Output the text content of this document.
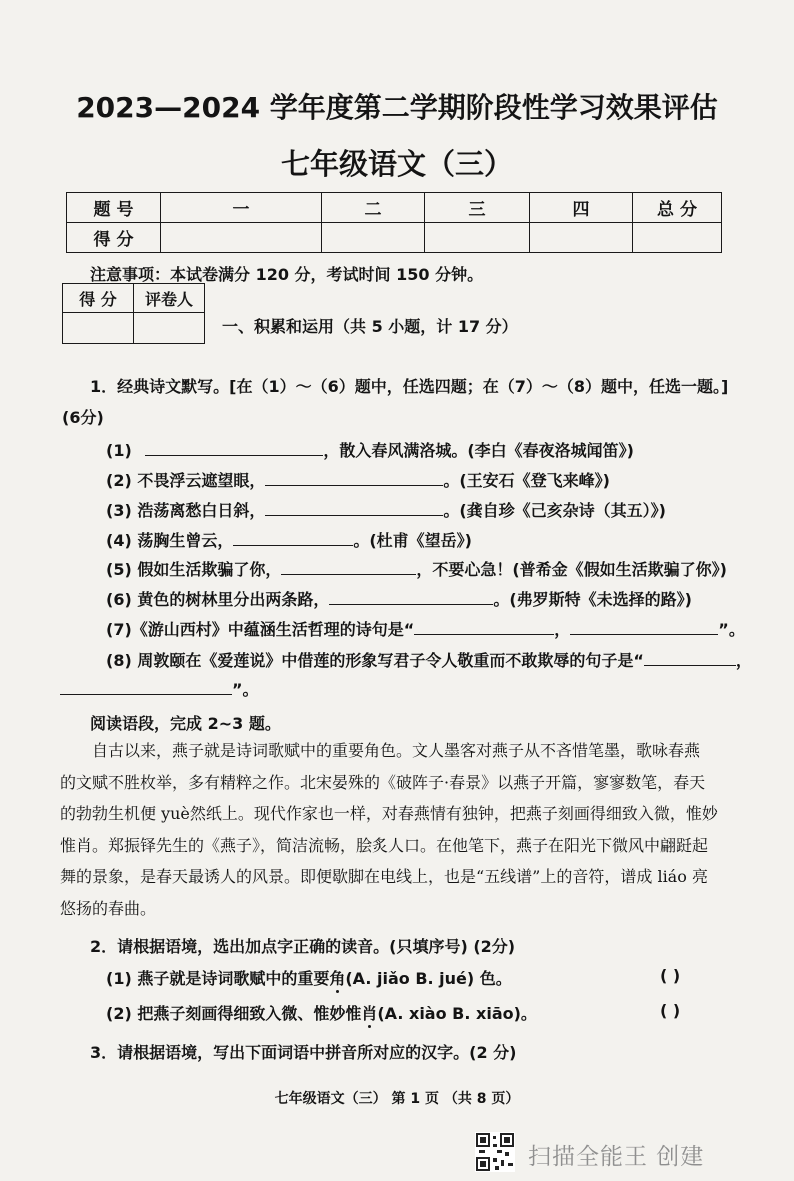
2023—2024 学年度第二学期阶段性学习效果评估
七年级语文（三）
题 号	一	二	三	四	总 分
得 分					
注意事项：本试卷满分 120 分，考试时间 150 分钟。
得 分	评卷人

一、积累和运用（共 5 小题，计 17 分）
1．经典诗文默写。[在（1）～（6）题中，任选四题；在（7）～（8）题中，任选一题。]
(6分)
(1)	，散入春风满洛城。(李白《春夜洛城闻笛》)
(2) 不畏浮云遮望眼，	。(王安石《登飞来峰》)
(3) 浩荡离愁白日斜，	。(龚自珍《己亥杂诗（其五）》)
(4) 荡胸生曾云，	。(杜甫《望岳》)
(5) 假如生活欺骗了你，	，不要心急！(普希金《假如生活欺骗了你》)
(6) 黄色的树林里分出两条路，	。(弗罗斯特《未选择的路》)
(7)《游山西村》中蕴涵生活哲理的诗句是“	，	”。
(8) 周敦颐在《爱莲说》中借莲的形象写君子令人敬重而不敢欺辱的句子是“	，
”。
阅读语段，完成 2~3 题。
自古以来，燕子就是诗词歌赋中的重要角色。文人墨客对燕子从不吝惜笔墨，歌咏春燕
的文赋不胜枚举，多有精粹之作。北宋晏殊的《破阵子·春景》以燕子开篇，寥寥数笔，春天
的勃勃生机便 yuè然纸上。现代作家也一样，对春燕情有独钟，把燕子刻画得细致入微，惟妙
惟肖。郑振铎先生的《燕子》，简洁流畅，脍炙人口。在他笔下，燕子在阳光下微风中翩跹起
舞的景象，是春天最诱人的风景。即便歇脚在电线上，也是“五线谱”上的音符，谱成 liáo 亮
悠扬的春曲。
2．请根据语境，选出加点字正确的读音。(只填序号) (2分)
(1) 燕子就是诗词歌赋中的重要角(A. jiǎo B. jué) 色。	( )
(2) 把燕子刻画得细致入微、惟妙惟肖(A. xiào B. xiāo)。	( )
3．请根据语境，写出下面词语中拼音所对应的汉字。(2 分)
七年级语文（三） 第 1 页 （共 8 页）
扫描全能王 创建
